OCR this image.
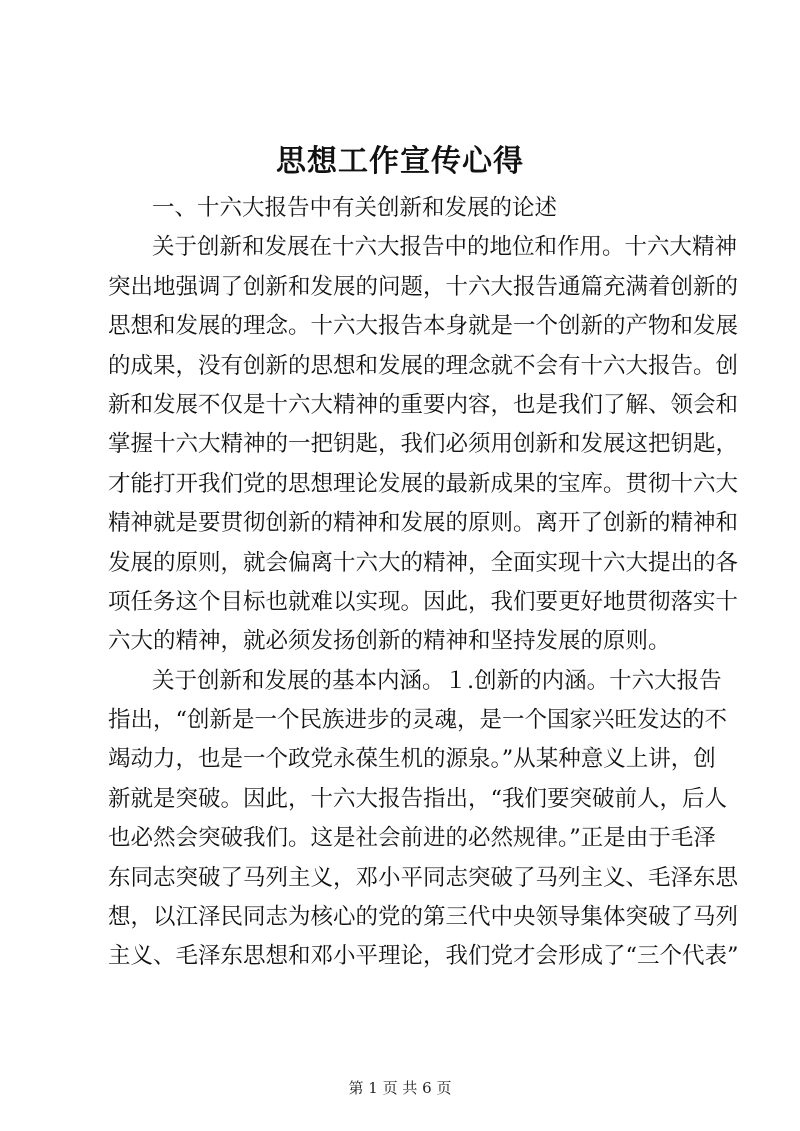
思想工作宣传心得
一、十六大报告中有关创新和发展的论述
关于创新和发展在十六大报告中的地位和作用。十六大精神
突出地强调了创新和发展的问题，十六大报告通篇充满着创新的
思想和发展的理念。十六大报告本身就是一个创新的产物和发展
的成果，没有创新的思想和发展的理念就不会有十六大报告。创
新和发展不仅是十六大精神的重要内容，也是我们了解、领会和
掌握十六大精神的一把钥匙，我们必须用创新和发展这把钥匙，
才能打开我们党的思想理论发展的最新成果的宝库。贯彻十六大
精神就是要贯彻创新的精神和发展的原则。离开了创新的精神和
发展的原则，就会偏离十六大的精神，全面实现十六大提出的各
项任务这个目标也就难以实现。因此，我们要更好地贯彻落实十
六大的精神，就必须发扬创新的精神和坚持发展的原则。
关于创新和发展的基本内涵。１.创新的内涵。十六大报告
指出，“创新是一个民族进步的灵魂，是一个国家兴旺发达的不
竭动力，也是一个政党永葆生机的源泉。”从某种意义上讲，创
新就是突破。因此，十六大报告指出，“我们要突破前人，后人
也必然会突破我们。这是社会前进的必然规律。”正是由于毛泽
东同志突破了马列主义，邓小平同志突破了马列主义、毛泽东思
想，以江泽民同志为核心的党的第三代中央领导集体突破了马列
主义、毛泽东思想和邓小平理论，我们党才会形成了“三个代表”
第 1 页 共 6 页
